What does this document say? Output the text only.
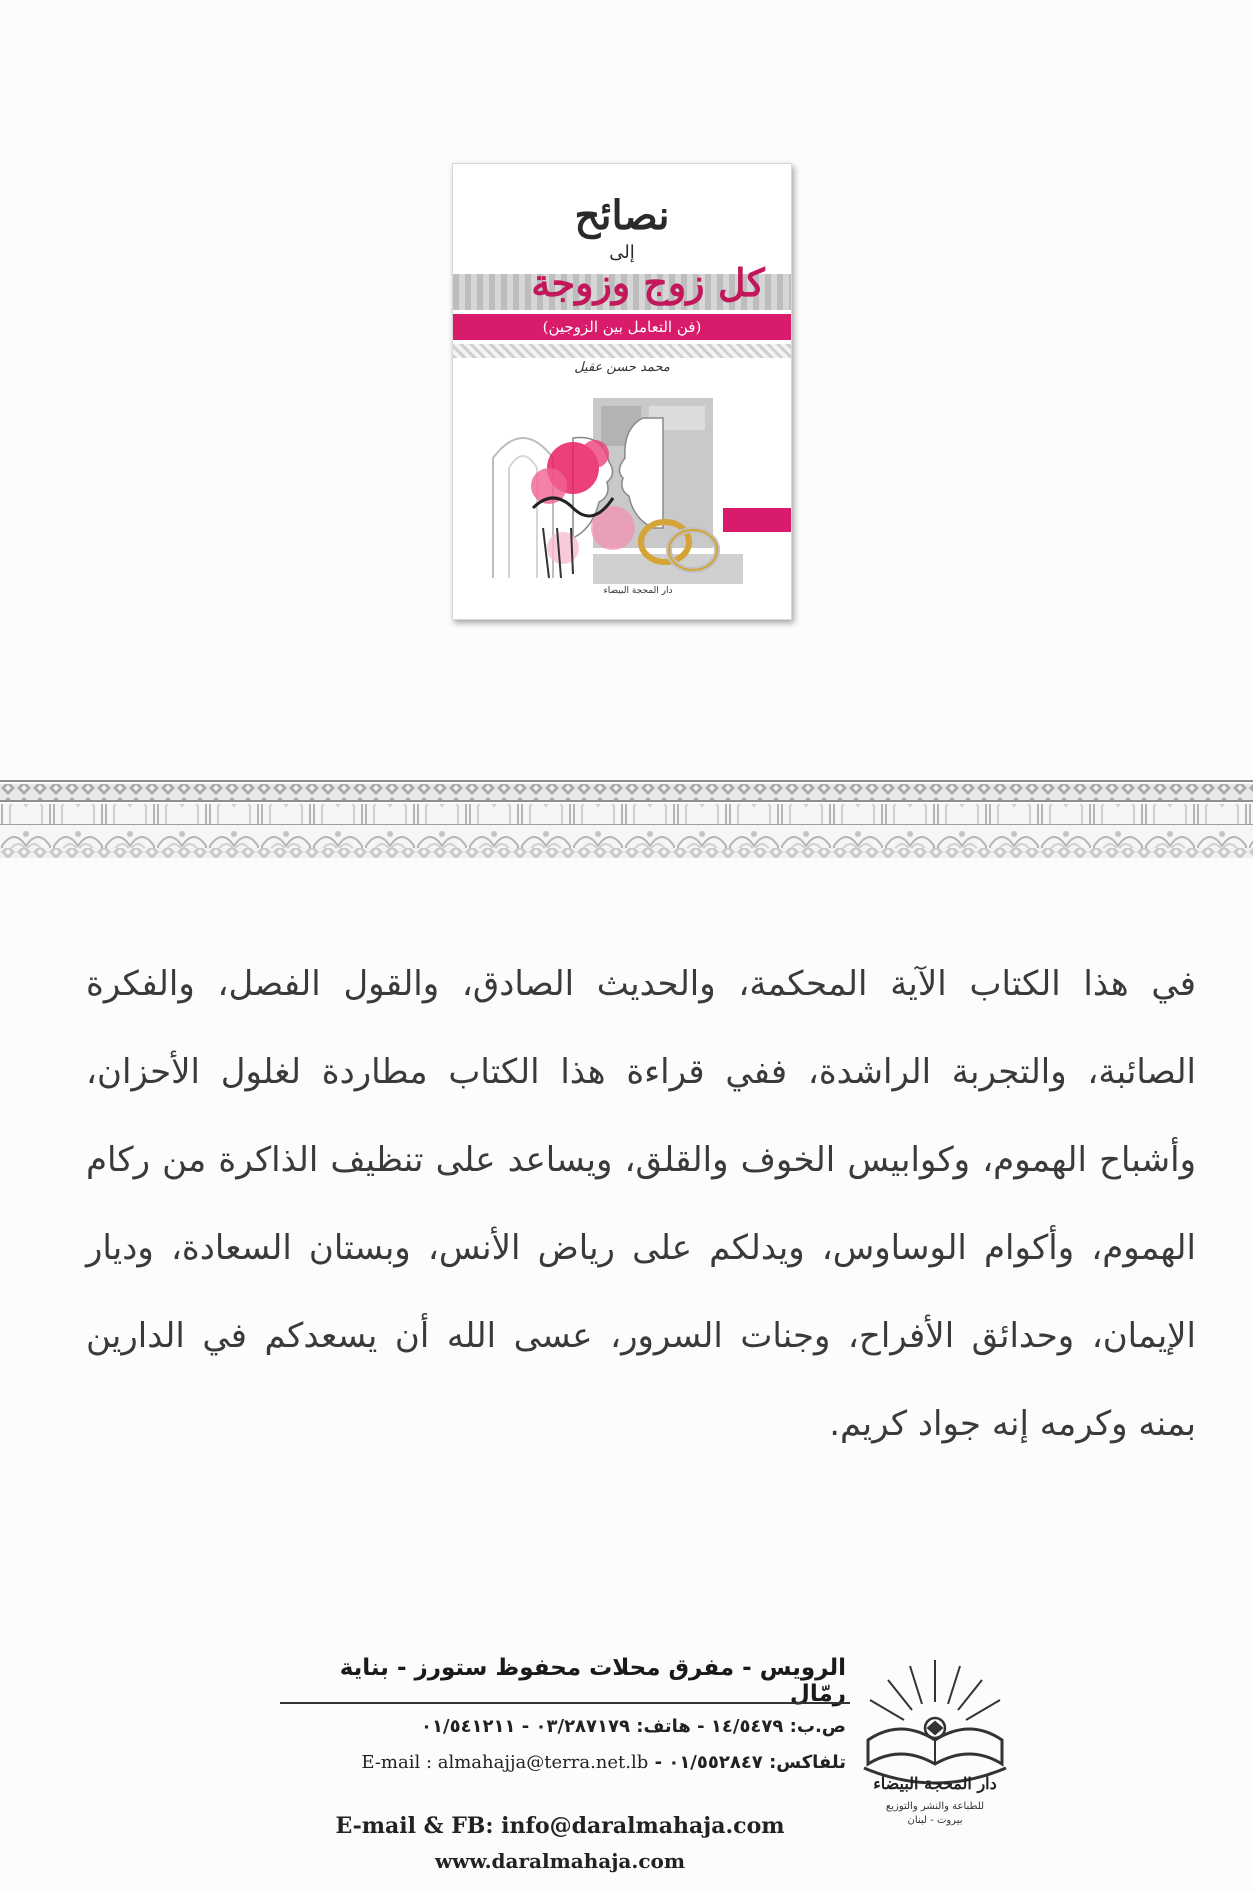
نصائح
إلى
كل زوج وزوجة
(فن التعامل بين الزوجين)
محمد حسن عقيل
دار المحجة البيضاء
في هذا الكتاب الآية المحكمة، والحديث الصادق، والقول الفصل، والفكرة الصائبة، والتجربة الراشدة، ففي قراءة هذا الكتاب مطاردة لغلول الأحزان، وأشباح الهموم، وكوابيس الخوف والقلق، ويساعد على تنظيف الذاكرة من ركام الهموم، وأكوام الوساوس، ويدلكم على رياض الأنس، وبستان السعادة، وديار الإيمان، وحدائق الأفراح، وجنات السرور، عسى الله أن يسعدكم في الدارين بمنه وكرمه إنه جواد كريم.
دار المحجة البيضاء
للطباعة والنشر والتوزيع
بيروت - لبنان
الرويس - مفرق محلات محفوظ ستورز - بناية رمّال
ص.ب: ١٤/٥٤٧٩ - هاتف: ٠٣/٢٨٧١٧٩ - ٠١/٥٤١٢١١
تلفاكس: ٠١/٥٥٢٨٤٧ - E-mail : almahajja@terra.net.lb
E-mail & FB: info@daralmahaja.com
www.daralmahaja.com
